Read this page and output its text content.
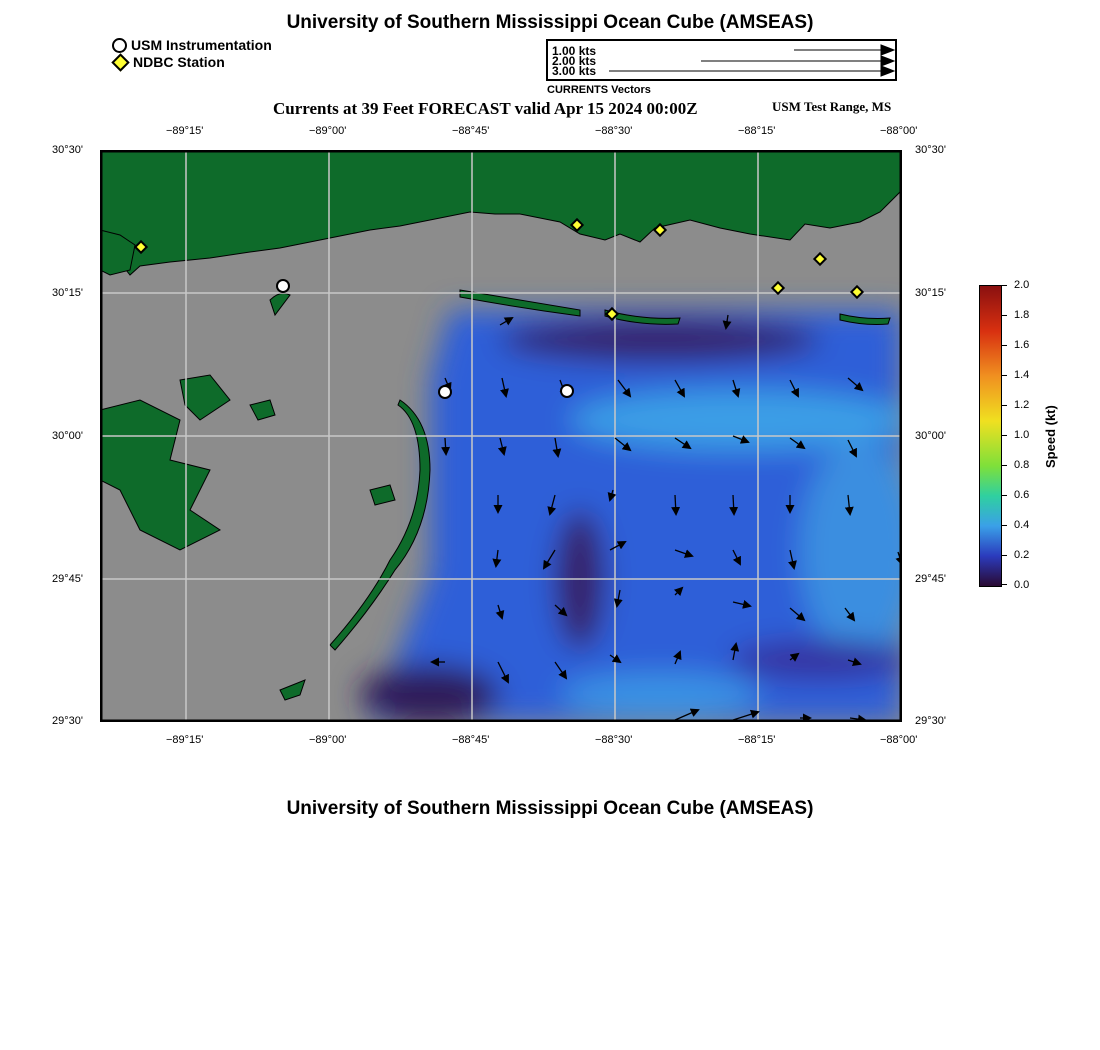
University of Southern Mississippi Ocean Cube (AMSEAS)
USM Instrumentation
NDBC Station
1.00 kts
2.00 kts
3.00 kts
CURRENTS Vectors
Currents at 39 Feet FORECAST valid Apr 15 2024 00:00Z	USM Test Range, MS
−89°15'	−89°00'	−88°45'	−88°30'	−88°15'	−88°00'
−89°15'	−89°00'	−88°45'	−88°30'	−88°15'	−88°00'
30°30'
30°15'
30°00'
29°45'
29°30'
30°30'
30°15'
30°00'
29°45'
29°30'
2.0
1.8
1.6
1.4
1.2
1.0
0.8
0.6
0.4
0.2
0.0
Speed (kt)
University of Southern Mississippi Ocean Cube (AMSEAS)
